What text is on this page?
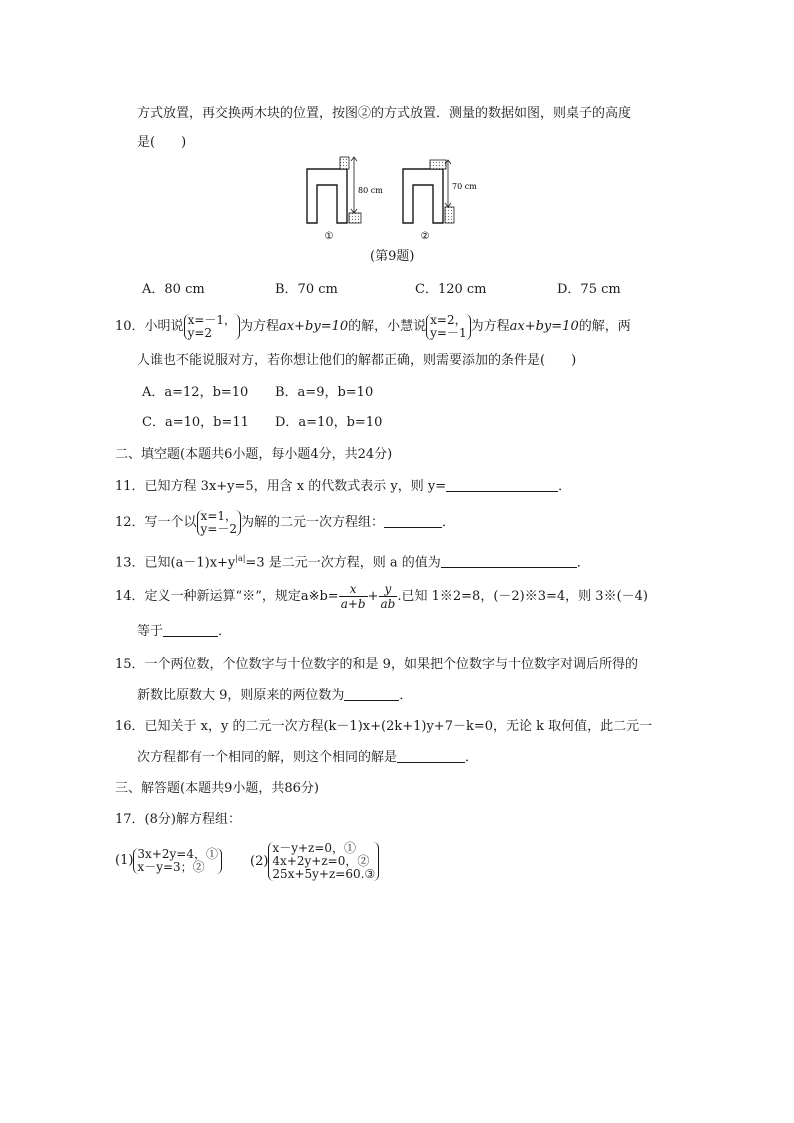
方式放置，再交换两木块的位置，按图②的方式放置．测量的数据如图，则桌子的高度
是(　　)
80 cm
①
70 cm
②
(第9题)
A．80 cm	B．70 cm	C．120 cm	D．75 cm
10．小明说 x=－1，
y=2	为方程ax+by=10的解，小慧说 x=2，
y=－1 为方程ax+by=10的解，两
人谁也不能说服对方，若你想让他们的解都正确，则需要添加的条件是(　　)
A．a=12，b=10 B．a=9，b=10
C．a=10，b=11 D．a=10，b=10
二、填空题(本题共6小题，每小题4分，共24分)
11．已知方程 3x+y=5，用含 x 的代数式表示 y，则 y=	．
12．写一个以 x=1，
y=－2 为解的二元一次方程组：	．
13．已知$(a-1)x+y^{|a|}=3$ 是二元一次方程，则 a 的值为	．
14．定义一种新运算“※”，规定a※b= $\frac{x}{a+b} + \frac{y}{ab}$ .已知 1※2=8，(－2)※3=4，则 3※(－4)
等于	．
15．一个两位数，个位数字与十位数字的和是 9，如果把个位数字与十位数字对调后所得的
新数比原数大 9，则原来的两位数为	．
16．已知关于 x，y 的二元一次方程(k－1)x+(2k+1)y+7－k=0，无论 k 取何值，此二元一
次方程都有一个相同的解，则这个相同的解是	．
三、解答题(本题共9小题，共86分)
17．(8分)解方程组：
(1) 3x+2y=4，①
x－y=3；②	(2)
x－y+z=0，①
4x+2y+z=0，②
25x+5y+z=60.③
